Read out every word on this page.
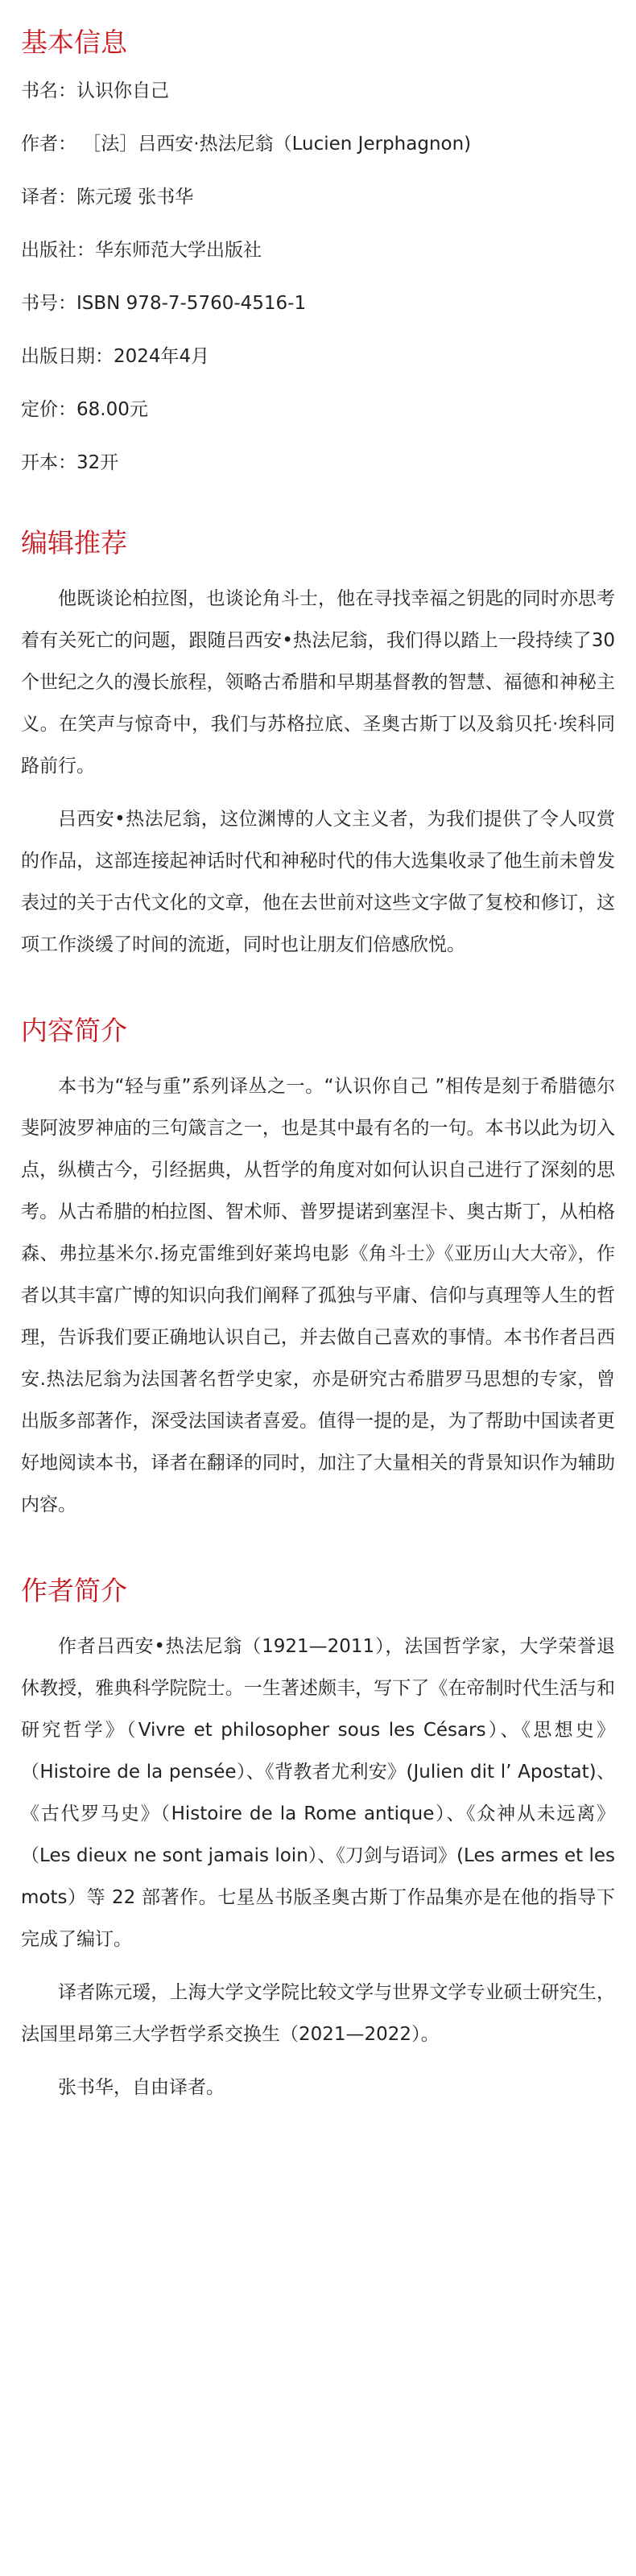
基本信息
书名：认识你自己
作者： ［法］吕西安·热法尼翁（Lucien Jerphagnon)
译者：陈元瑷 张书华
出版社：华东师范大学出版社
书号：ISBN 978-7-5760-4516-1
出版日期：2024年4月
定价：68.00元
开本：32开
编辑推荐

他既谈论柏拉图，也谈论角斗士，他在寻找幸福之钥匙的同时亦思考着有关死亡的问题，跟随吕西安•热法尼翁，我们得以踏上一段持续了30个世纪之久的漫长旅程，领略古希腊和早期基督教的智慧、福德和神秘主义。在笑声与惊奇中，我们与苏格拉底、圣奥古斯丁以及翁贝托·埃科同路前行。

吕西安•热法尼翁，这位渊博的人文主义者，为我们提供了令人叹赏的作品，这部连接起神话时代和神秘时代的伟大选集收录了他生前未曾发表过的关于古代文化的文章，他在去世前对这些文字做了复校和修订，这项工作淡缓了时间的流逝，同时也让朋友们倍感欣悦。

内容简介

本书为“轻与重”系列译丛之一。“认识你自己 ”相传是刻于希腊德尔斐阿波罗神庙的三句箴言之一，也是其中最有名的一句。本书以此为切入点，纵横古今，引经据典，从哲学的角度对如何认识自己进行了深刻的思考。从古希腊的柏拉图、智术师、普罗提诺到塞涅卡、奥古斯丁，从柏格森、弗拉基米尔.扬克雷维到好莱坞电影《角斗士》《亚历山大大帝》，作者以其丰富广博的知识向我们阐释了孤独与平庸、信仰与真理等人生的哲理，告诉我们要正确地认识自己，并去做自己喜欢的事情。本书作者吕西安.热法尼翁为法国著名哲学史家，亦是研究古希腊罗马思想的专家，曾出版多部著作，深受法国读者喜爱。值得一提的是，为了帮助中国读者更好地阅读本书，译者在翻译的同时，加注了大量相关的背景知识作为辅助内容。

作者简介

作者吕西安•热法尼翁（1921—2011），法国哲学家，大学荣誉退休教授，雅典科学院院士。一生著述颇丰，写下了《在帝制时代生活与和研究哲学》（Vivre et philosopher sous les Césars）、《思想史》（Histoire de la pensée）、《背教者尤利安》(Julien dit l’ Apostat)、《古代罗马史》（Histoire de la Rome antique）、《众神从未远离》（Les dieux ne sont jamais loin）、《刀剑与语词》(Les armes et les mots）等 22 部著作。七星丛书版圣奥古斯丁作品集亦是在他的指导下完成了编订。

译者陈元瑷，上海大学文学院比较文学与世界文学专业硕士研究生，法国里昂第三大学哲学系交换生（2021—2022）。

张书华，自由译者。
